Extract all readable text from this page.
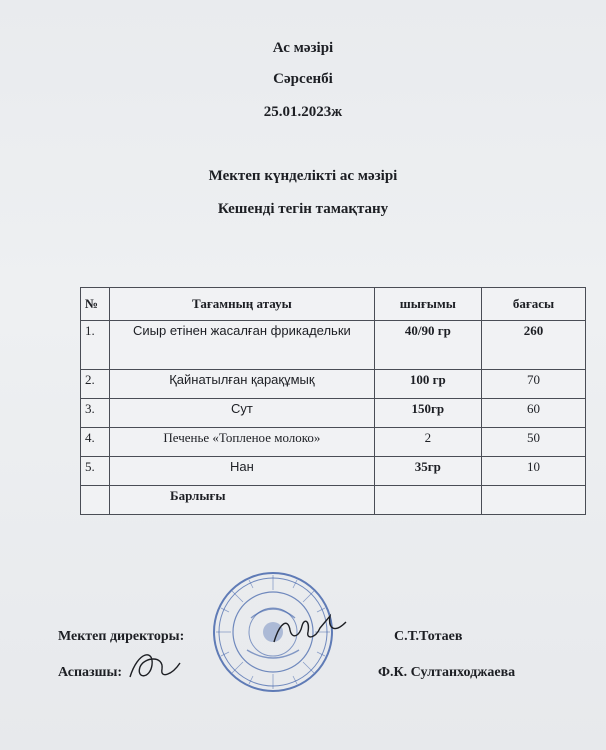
Ас мәзірі
Сәрсенбі
25.01.2023ж
Мектеп күнделікті ас мәзірі
Кешенді тегін тамақтану
№	Тағамның атауы	шығымы	бағасы
1.	Сиыр етінен жасалған фрикадельки	40/90 гр	260
2.	Қайнатылған қарақұмық	100 гр	70
3.	Сут	150гр	60
4.	Печенье «Топленое молоко»	2	50
5.	Нан	35гр	10
	Барлығы		
Мектеп директоры:	С.Т.Тотаев
Аспазшы:	Ф.К. Султанходжаева
